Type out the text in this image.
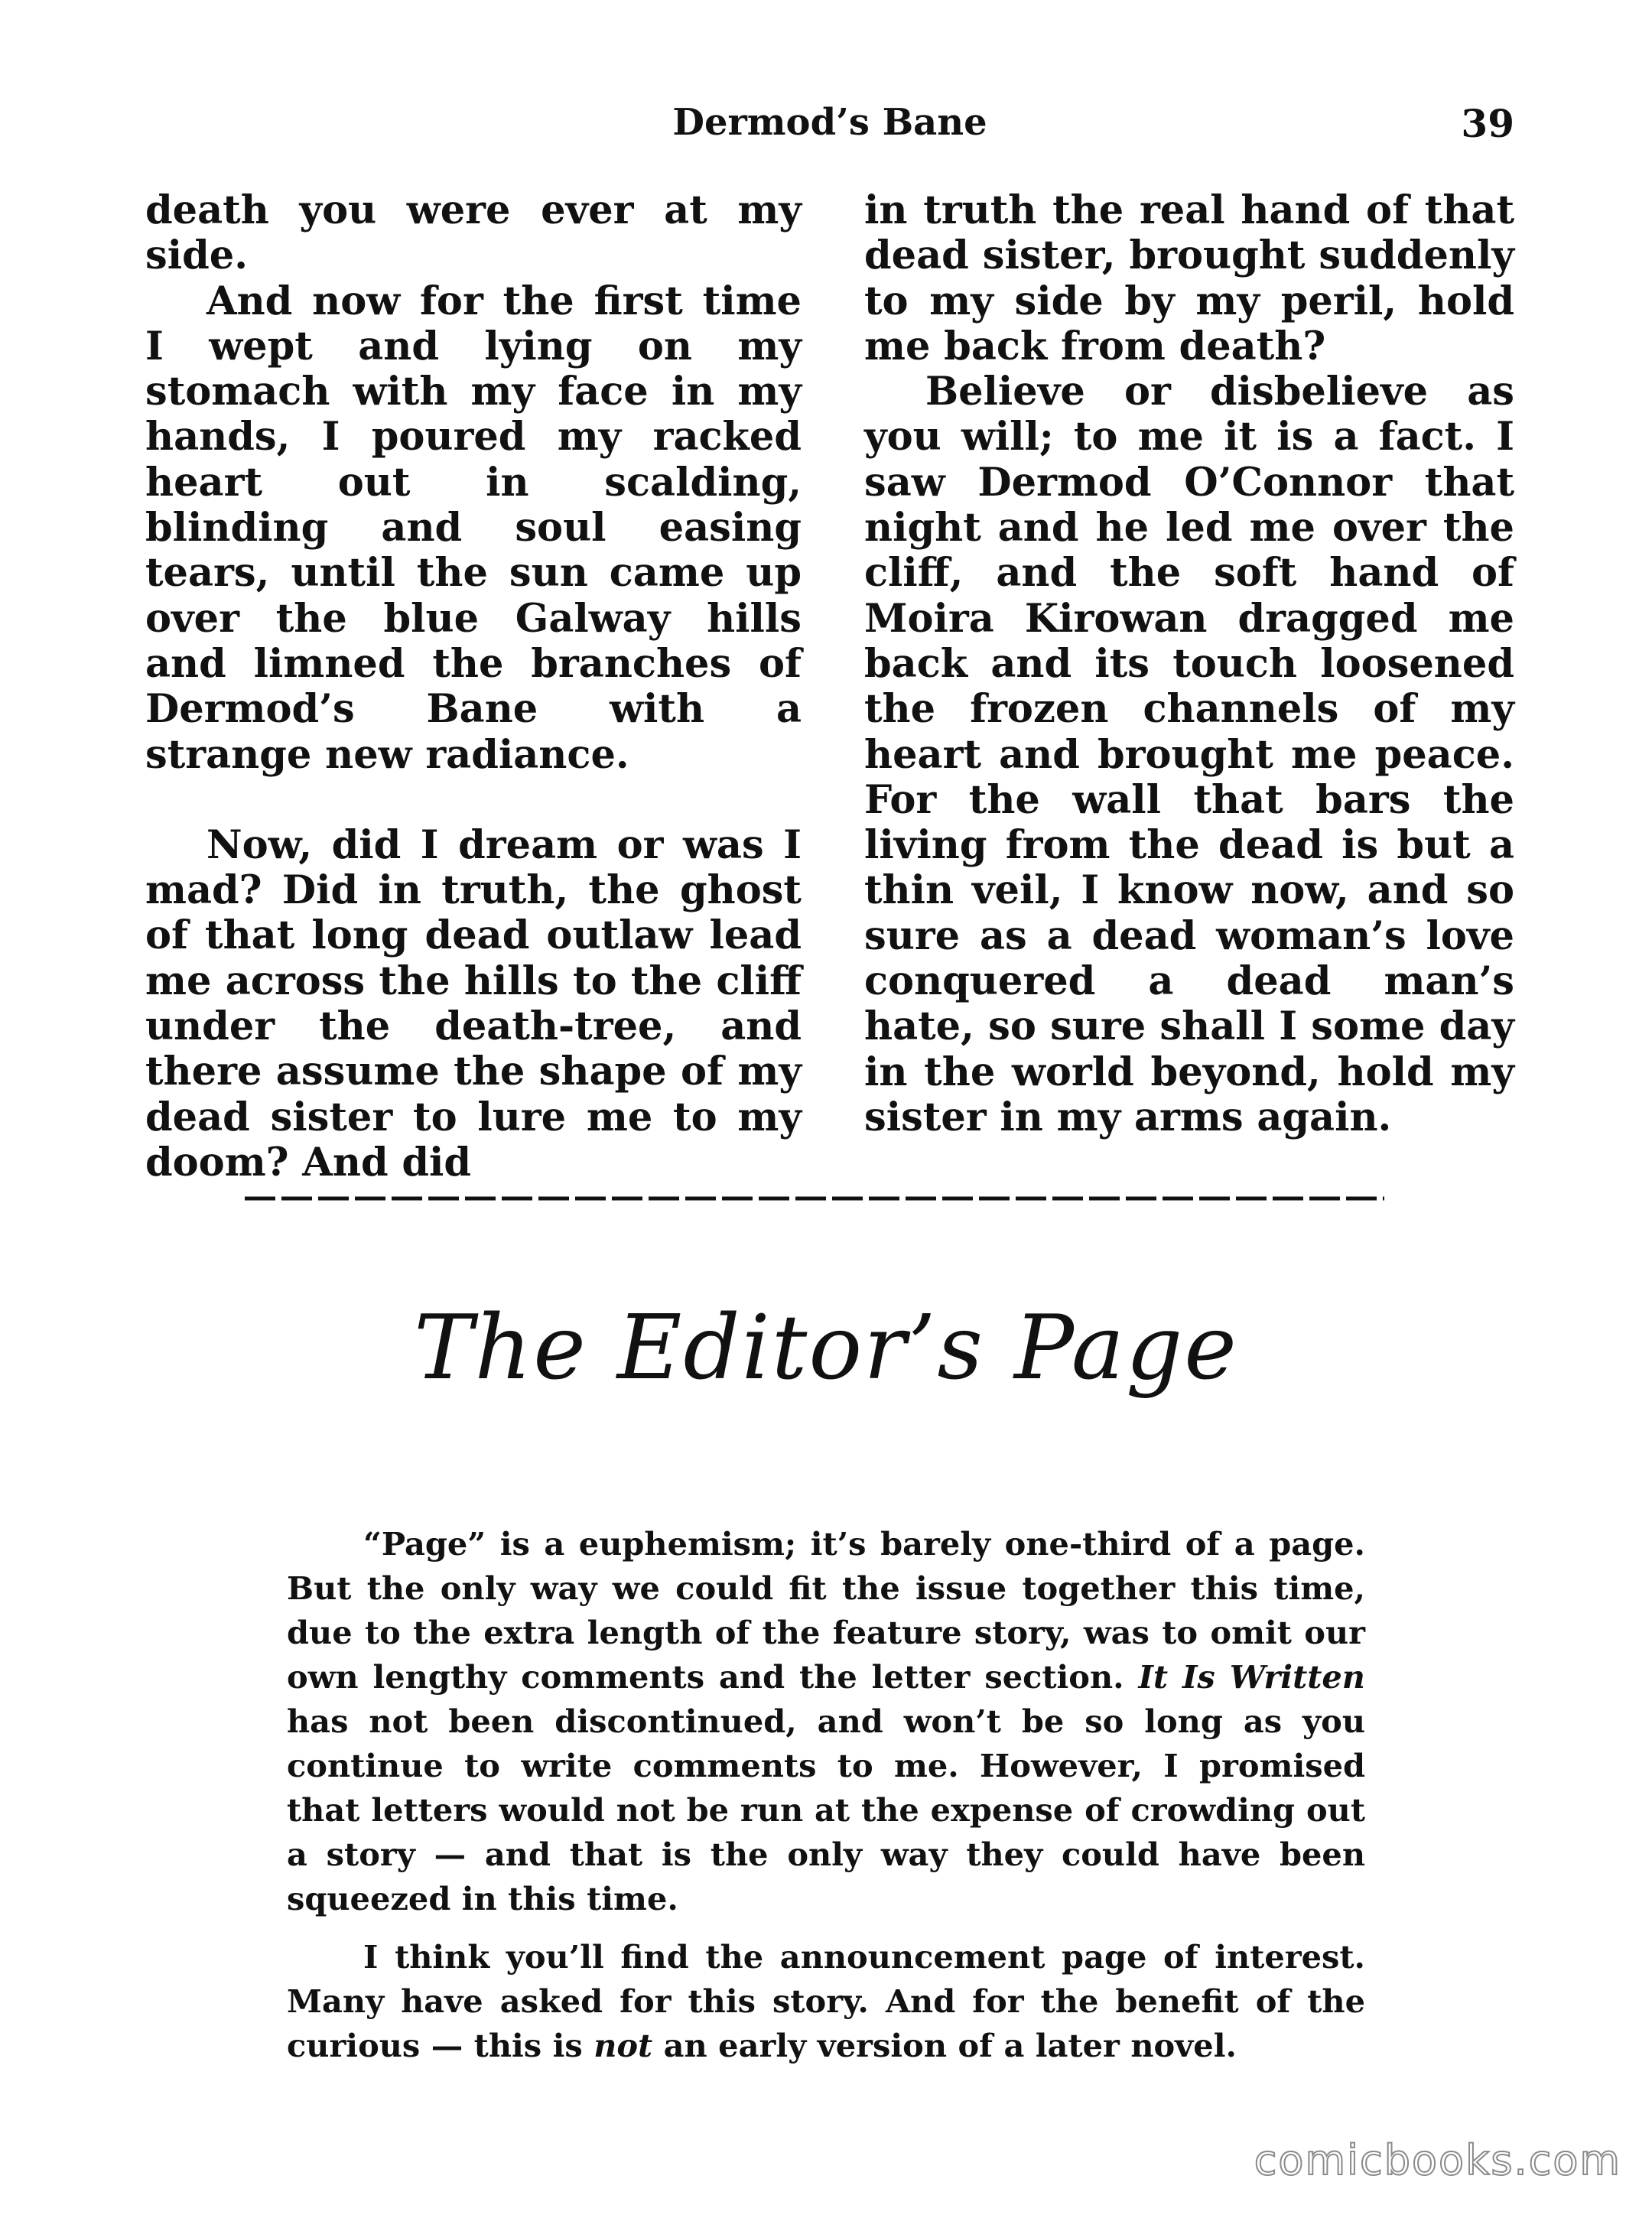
Dermod’s Bane	39

death you were ever at my side.

And now for the first time I wept and lying on my stomach with my face in my hands, I poured my racked heart out in scalding, blinding and soul easing tears, until the sun came up over the blue Galway hills and limned the branches of Dermod’s Bane with a strange new radiance.

Now, did I dream or was I mad? Did in truth, the ghost of that long dead outlaw lead me across the hills to the cliff under the death-tree, and there assume the shape of my dead sister to lure me to my doom? And did

in truth the real hand of that dead sister, brought suddenly to my side by my peril, hold me back from death?

Believe or disbelieve as you will; to me it is a fact. I saw Dermod O’Connor that night and he led me over the cliff, and the soft hand of Moira Kirowan dragged me back and its touch loosened the frozen channels of my heart and brought me peace. For the wall that bars the living from the dead is but a thin veil, I know now, and so sure as a dead woman’s love conquered a dead man’s hate, so sure shall I some day in the world beyond, hold my sister in my arms again.

The Editor’s Page

“Page” is a euphemism; it’s barely one-third of a page. But the only way we could fit the issue together this time, due to the extra length of the feature story, was to omit our own lengthy comments and the letter section. It Is Written has not been discontinued, and won’t be so long as you continue to write comments to me. However, I promised that letters would not be run at the expense of crowding out a story — and that is the only way they could have been squeezed in this time.

I think you’ll find the announcement page of interest. Many have asked for this story. And for the benefit of the curious — this is not an early version of a later novel.

comicbooks.com
